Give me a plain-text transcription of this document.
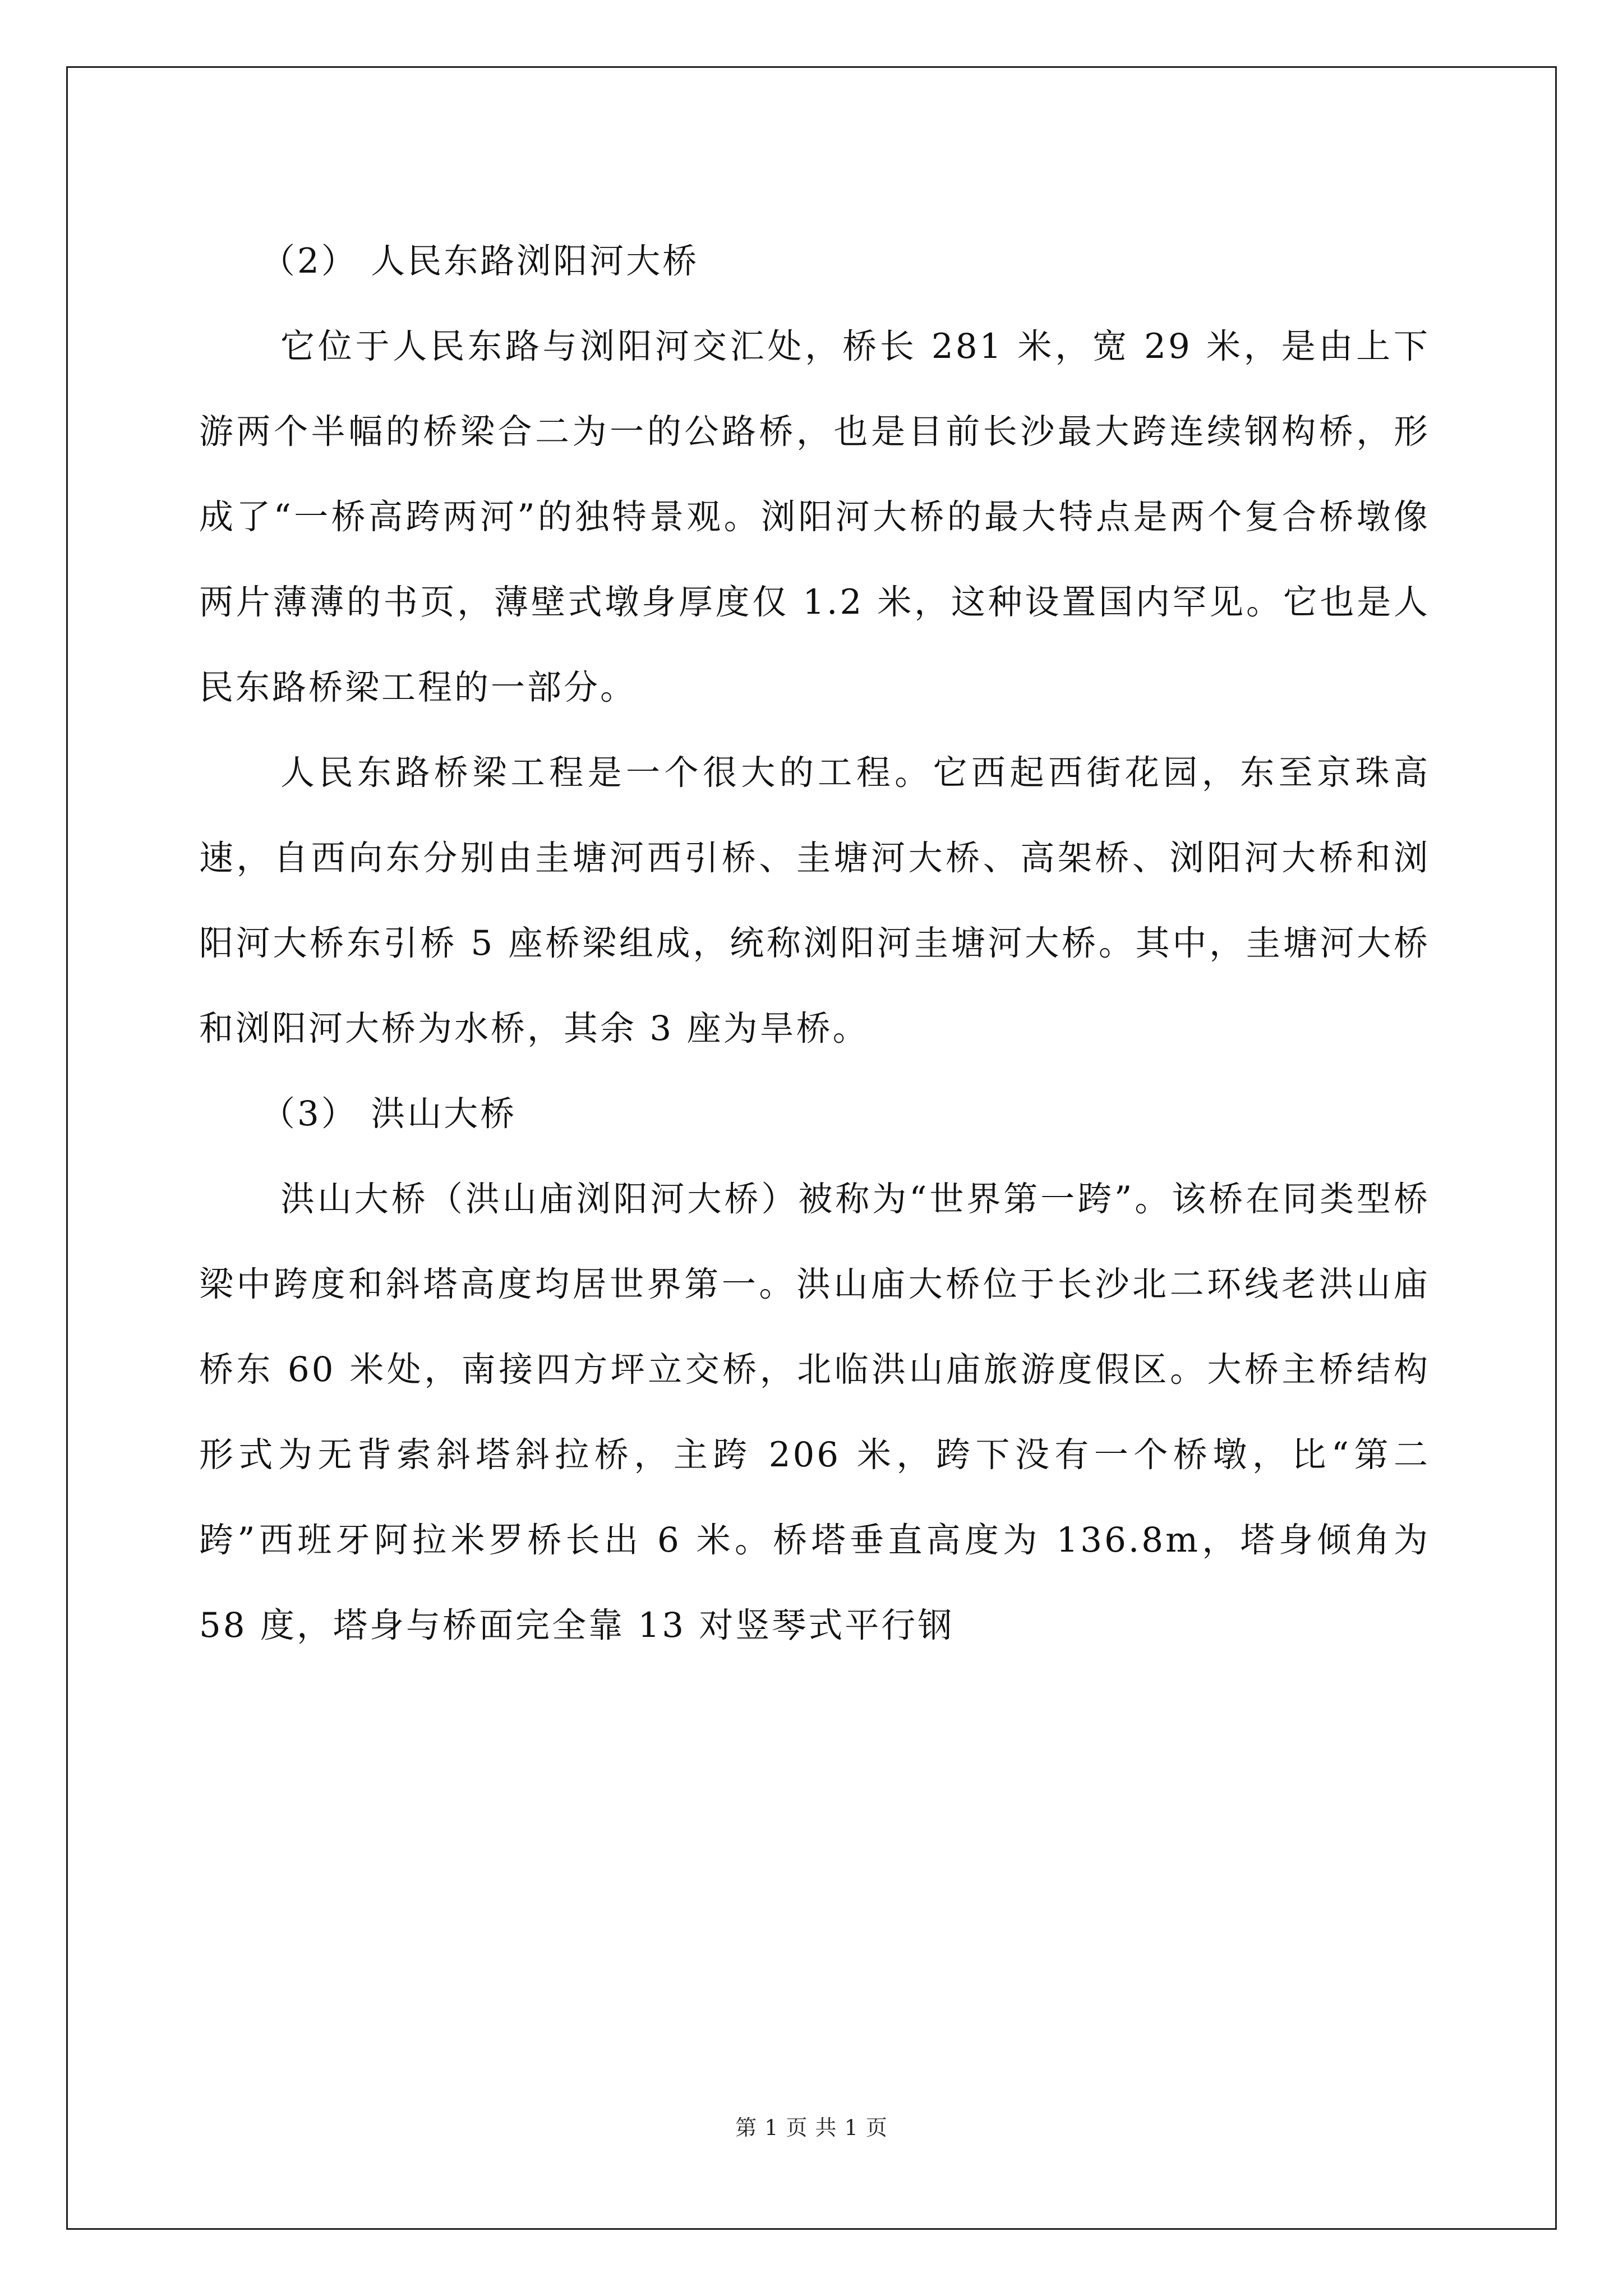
（2） 人民东路浏阳河大桥

它位于人民东路与浏阳河交汇处，桥长 281 米，宽 29 米，是由上下游两个半幅的桥梁合二为一的公路桥，也是目前长沙最大跨连续钢构桥，形成了“一桥高跨两河”的独特景观。浏阳河大桥的最大特点是两个复合桥墩像两片薄薄的书页，薄壁式墩身厚度仅 1.2 米，这种设置国内罕见。它也是人民东路桥梁工程的一部分。

人民东路桥梁工程是一个很大的工程。它西起西街花园，东至京珠高速，自西向东分别由圭塘河西引桥、圭塘河大桥、高架桥、浏阳河大桥和浏阳河大桥东引桥 5 座桥梁组成，统称浏阳河圭塘河大桥。其中，圭塘河大桥和浏阳河大桥为水桥，其余 3 座为旱桥。

（3） 洪山大桥

洪山大桥（洪山庙浏阳河大桥）被称为“世界第一跨”。该桥在同类型桥梁中跨度和斜塔高度均居世界第一。洪山庙大桥位于长沙北二环线老洪山庙桥东 60 米处，南接四方坪立交桥，北临洪山庙旅游度假区。大桥主桥结构形式为无背索斜塔斜拉桥，主跨 206 米，跨下没有一个桥墩，比“第二跨”西班牙阿拉米罗桥长出 6 米。桥塔垂直高度为 136.8m，塔身倾角为 58 度，塔身与桥面完全靠 13 对竖琴式平行钢

第 1 页 共 1 页
